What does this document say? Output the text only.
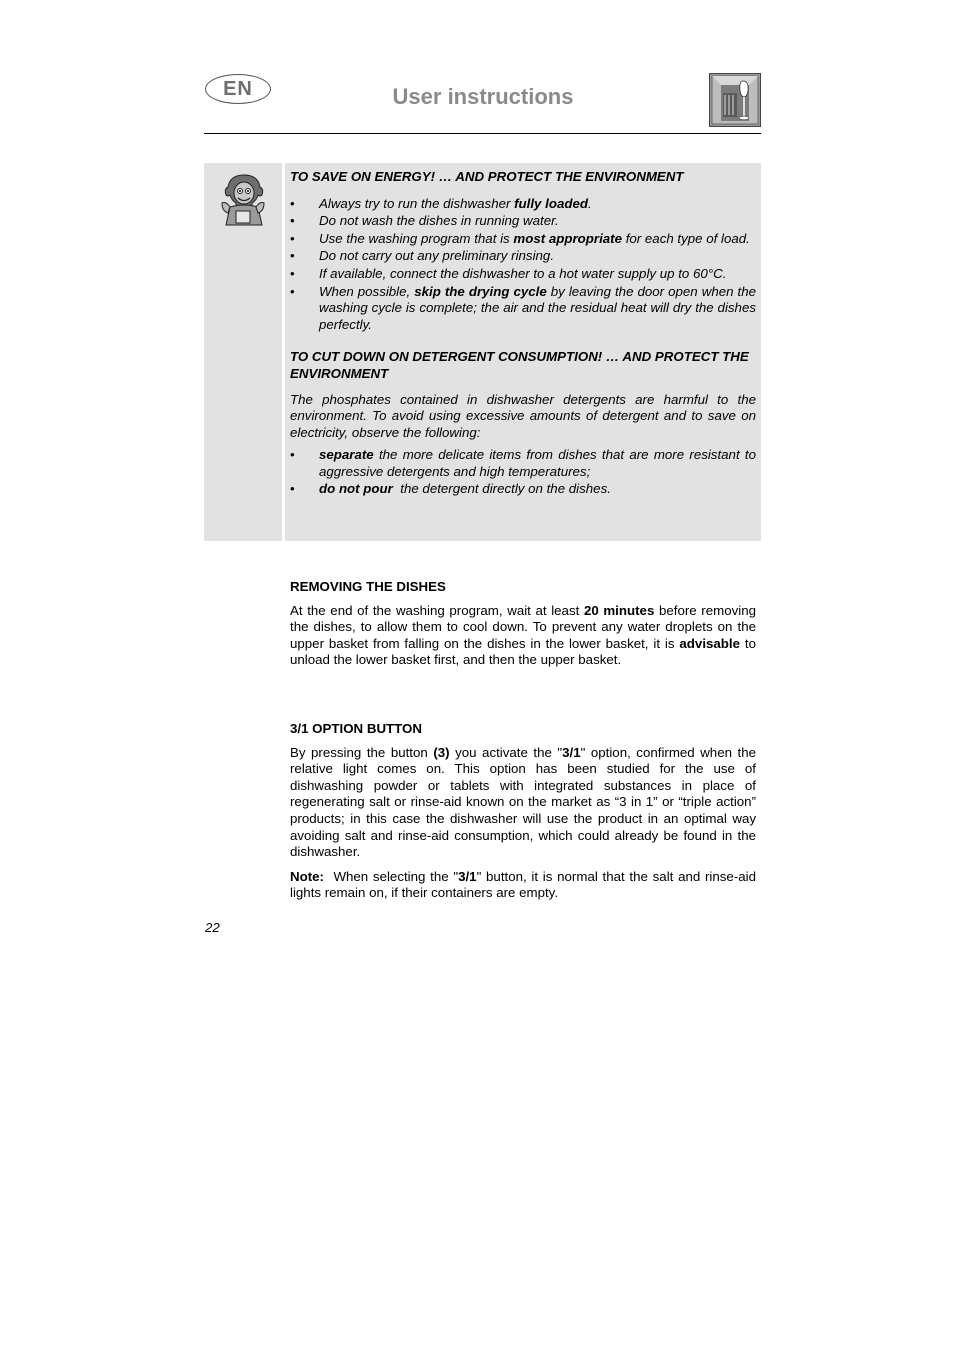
EN	User instructions

TO SAVE ON ENERGY! … AND PROTECT THE ENVIRONMENT

• Always try to run the dishwasher fully loaded.
• Do not wash the dishes in running water.
• Use the washing program that is most appropriate for each type of load.
• Do not carry out any preliminary rinsing.
• If available, connect the dishwasher to a hot water supply up to 60°C.
• When possible, skip the drying cycle by leaving the door open when the washing cycle is complete; the air and the residual heat will dry the dishes perfectly.

TO CUT DOWN ON DETERGENT CONSUMPTION! … AND PROTECT THE ENVIRONMENT

The phosphates contained in dishwasher detergents are harmful to the environment. To avoid using excessive amounts of detergent and to save on electricity, observe the following:

• separate the more delicate items from dishes that are more resistant to aggressive detergents and high temperatures;
• do not pour  the detergent directly on the dishes.

REMOVING THE DISHES

At the end of the washing program, wait at least 20 minutes before removing the dishes, to allow them to cool down. To prevent any water droplets on the upper basket from falling on the dishes in the lower basket, it is advisable to unload the lower basket first, and then the upper basket.

3/1 OPTION BUTTON

By pressing the button (3) you activate the "3/1" option, confirmed when the relative light comes on. This option has been studied for the use of dishwashing powder or tablets with integrated substances in place of regenerating salt or rinse-aid known on the market as “3 in 1” or “triple action” products; in this case the dishwasher will use the product in an optimal way avoiding salt and rinse-aid consumption, which could already be found in the dishwasher.

Note:  When selecting the "3/1" button, it is normal that the salt and rinse-aid lights remain on, if their containers are empty.

22
